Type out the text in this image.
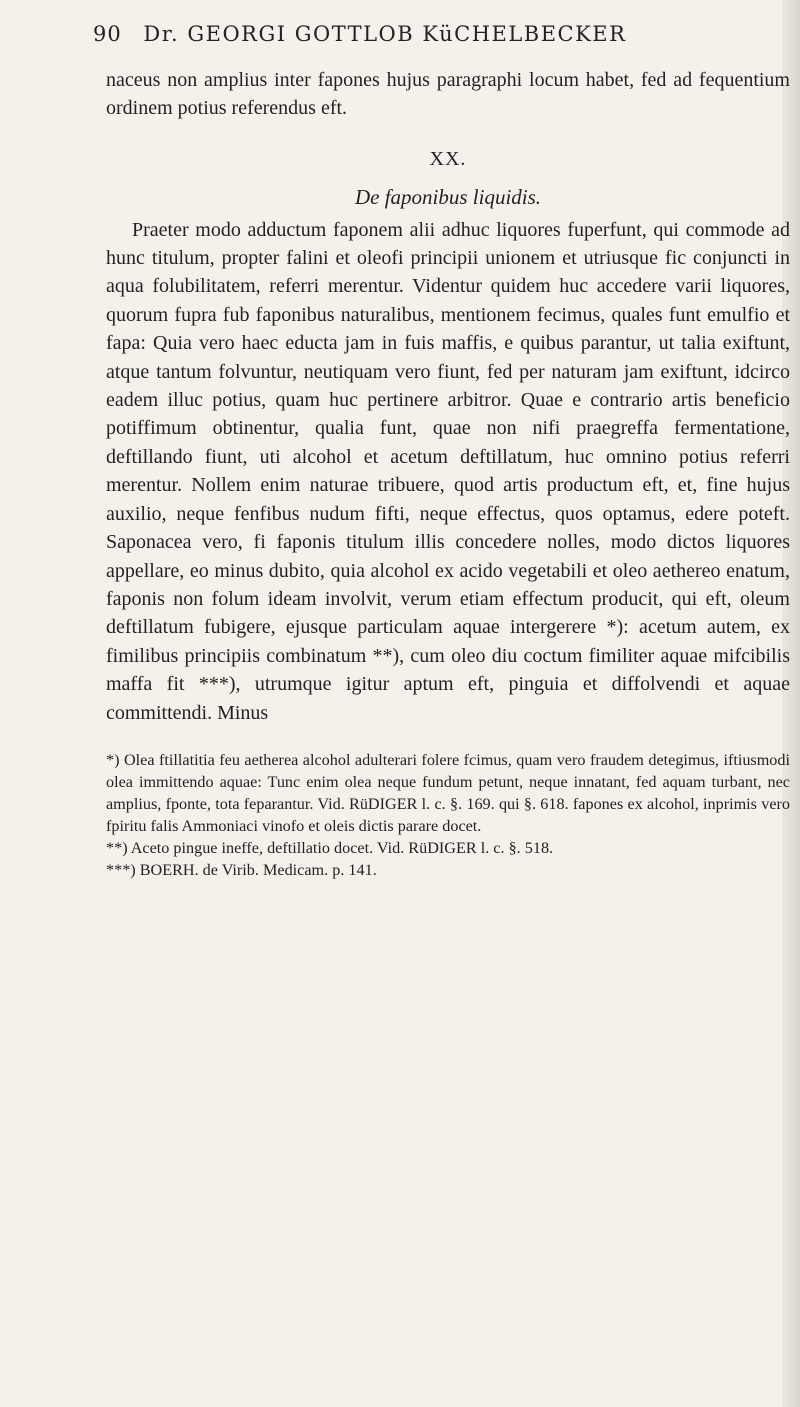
90 Dr. GEORGI GOTTLOB KüCHELBECKER

naceus non amplius inter fapones hujus paragraphi locum habet, fed ad fequentium ordinem potius referendus eft.

XX.
De faponibus liquidis.

Praeter modo adductum faponem alii adhuc liquores fuperfunt, qui commode ad hunc titulum, propter falini et oleofi principii unionem et utriusque fic conjuncti in aqua folubilitatem, referri merentur. Videntur quidem huc accedere varii liquores, quorum fupra fub faponibus naturalibus, mentionem fecimus, quales funt emulfio et fapa: Quia vero haec educta jam in fuis maffis, e quibus parantur, ut talia exiftunt, atque tantum folvuntur, neutiquam vero fiunt, fed per naturam jam exiftunt, idcirco eadem illuc potius, quam huc pertinere arbitror. Quae e contrario artis beneficio potiffimum obtinentur, qualia funt, quae non nifi praegreffa fermentatione, deftillando fiunt, uti alcohol et acetum deftillatum, huc omnino potius referri merentur. Nollem enim naturae tribuere, quod artis productum eft, et, fine hujus auxilio, neque fenfibus nudum fifti, neque effectus, quos optamus, edere poteft. Saponacea vero, fi faponis titulum illis concedere nolles, modo dictos liquores appellare, eo minus dubito, quia alcohol ex acido vegetabili et oleo aethereo enatum, faponis non folum ideam involvit, verum etiam effectum producit, qui eft, oleum deftillatum fubigere, ejusque particulam aquae intergerere *): acetum autem, ex fimilibus principiis combinatum **), cum oleo diu coctum fimiliter aquae mifcibilis maffa fit ***), utrumque igitur aptum eft, pinguia et diffolvendi et aquae committendi. Minus

*) Olea ftillatitia feu aetherea alcohol adulterari folere fcimus, quam vero fraudem detegimus, iftiusmodi olea immittendo aquae: Tunc enim olea neque fundum petunt, neque innatant, fed aquam turbant, nec amplius, fponte, tota feparantur. Vid. RüDIGER l. c. §. 169. qui §. 618. fapones ex alcohol, inprimis vero fpiritu falis Ammoniaci vinofo et oleis dictis parare docet.

**) Aceto pingue ineffe, deftillatio docet. Vid. RüDIGER l. c. §. 518.

***) BOERH. de Virib. Medicam. p. 141.
